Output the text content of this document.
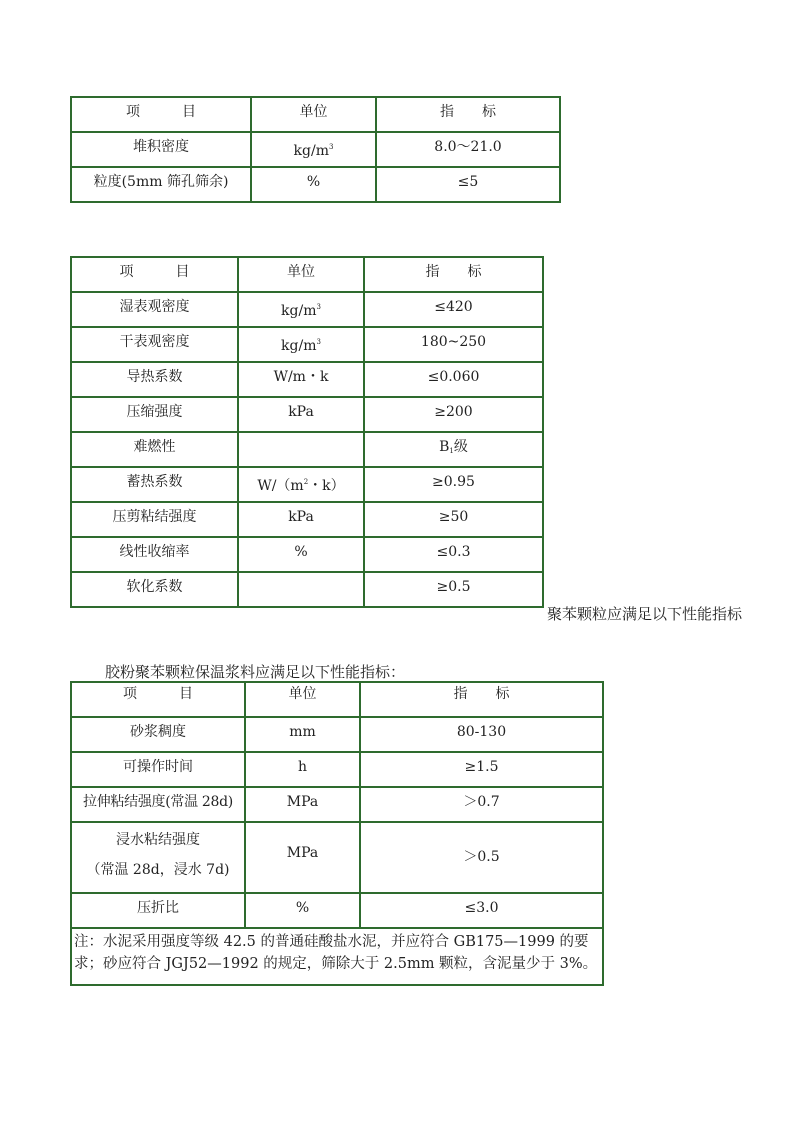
项　　　目	单位	指　　标

堆积密度	$kg/m^3$	8.0～21.0

粒度(5mm 筛孔筛余)	%	≤5
项　　　目	单位	指　　标

湿表观密度	$kg/m^3$	≤420

干表观密度	$kg/m^3$	180~250

导热系数	W/m・k	≤0.060

压缩强度	kPa	≥200

难燃性		$B_1$级

蓄热系数	$W/(m^2$・k）	≥0.95

压剪粘结强度	kPa	≥50

线性收缩率	%	≤0.3

软化系数		≥0.5
聚苯颗粒应满足以下性能指标
胶粉聚苯颗粒保温浆料应满足以下性能指标：
项　　　目	单位	指　　标

砂浆稠度	mm	80-130

可操作时间	h	≥1.5

拉伸粘结强度(常温 28d)	MPa	＞0.7

浸水粘结强度
（常温 28d，浸水 7d)	MPa	＞0.5

压折比	%	≤3.0

注：水泥采用强度等级 42.5 的普通硅酸盐水泥，并应符合 GB175—1999 的要求；砂应符合 JGJ52—1992 的规定，筛除大于 2.5mm 颗粒，含泥量少于 3%。		
